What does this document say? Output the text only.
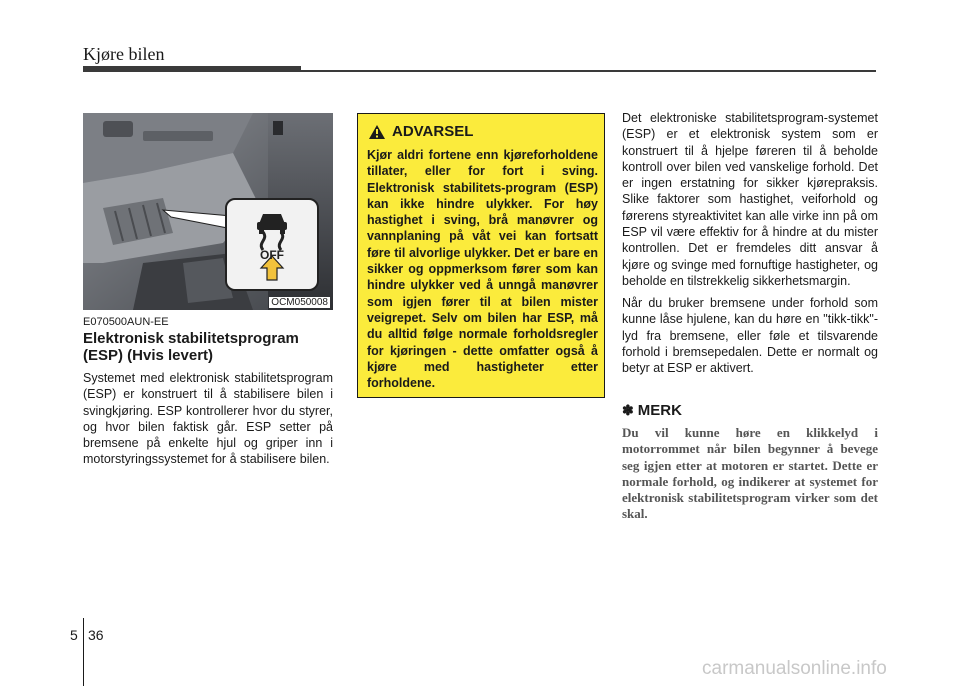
Kjøre bilen
OFF
OCM050008
E070500AUN-EE
Elektronisk stabilitetsprogram (ESP) (Hvis levert)

Systemet med elektronisk stabilitetsprogram (ESP) er konstruert til å stabilisere bilen i svingkjøring. ESP kontrollerer hvor du styrer, og hvor bilen faktisk går. ESP setter på bremsene på enkelte hjul og griper inn i motorstyringssystemet for å stabilisere bilen.

ADVARSEL

Kjør aldri fortene enn kjøreforholdene tillater, eller for fort i sving. Elektronisk stabilitets-program (ESP) kan ikke hindre ulykker. For høy hastighet i sving, brå manøvrer og vannplaning på våt vei kan fortsatt føre til alvorlige ulykker. Det er bare en sikker og oppmerksom fører som kan hindre ulykker ved å unngå manøvrer som igjen fører til at bilen mister veigrepet. Selv om bilen har ESP, må du alltid følge normale forholdsregler for kjøringen - dette omfatter også å kjøre med hastigheter etter forholdene.

Det elektroniske stabilitetsprogram-systemet (ESP) er et elektronisk system som er konstruert til å hjelpe føreren til å beholde kontroll over bilen ved vanskelige forhold. Det er ingen erstatning for sikker kjørepraksis. Slike faktorer som hastighet, veiforhold og førerens styreaktivitet kan alle virke inn på om ESP vil være effektiv for å hindre at du mister kontrollen. Det er fremdeles ditt ansvar å kjøre og svinge med fornuftige hastigheter, og beholde en tilstrekkelig sikkerhetsmargin.

Når du bruker bremsene under forhold som kunne låse hjulene, kan du høre en "tikk-tikk"-lyd fra bremsene, eller føle et tilsvarende forhold i bremsepedalen. Dette er normalt og betyr at ESP er aktivert.

✽ MERK

Du vil kunne høre en klikkelyd i motorrommet når bilen begynner å bevege seg igjen etter at motoren er startet. Dette er normale forhold, og indikerer at systemet for elektronisk stabilitetsprogram virker som det skal.

5 36
carmanualsonline.info
